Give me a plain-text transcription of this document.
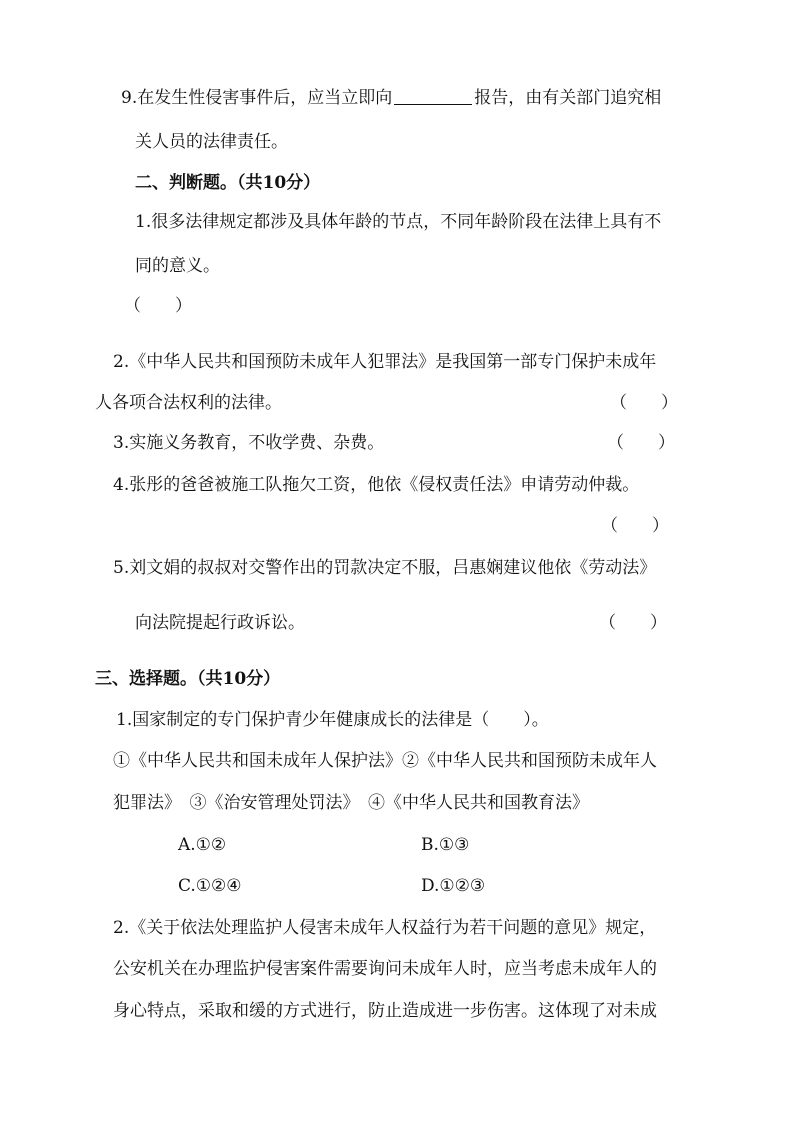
9.在发生性侵害事件后，应当立即向	报告，由有关部门追究相
关人员的法律责任。
二、判断题。（共10分）
1.很多法律规定都涉及具体年龄的节点，不同年龄阶段在法律上具有不
同的意义。
（　　）
2.《中华人民共和国预防未成年人犯罪法》是我国第一部专门保护未成年
人各项合法权利的法律。	（　　）
3.实施义务教育，不收学费、杂费。	（　　）
4.张彤的爸爸被施工队拖欠工资，他依《侵权责任法》申请劳动仲裁。
（　　）
5.刘文娟的叔叔对交警作出的罚款决定不服，吕惠娴建议他依《劳动法》
向法院提起行政诉讼。	（　　）
三、选择题。（共10分）
1.国家制定的专门保护青少年健康成长的法律是（　　）。
①《中华人民共和国未成年人保护法》②《中华人民共和国预防未成年人
犯罪法》　③《治安管理处罚法》　④《中华人民共和国教育法》
A.①②	B.①③
C.①②④	D.①②③
2.《关于依法处理监护人侵害未成年人权益行为若干问题的意见》规定，
公安机关在办理监护侵害案件需要询问未成年人时，应当考虑未成年人的
身心特点，采取和缓的方式进行，防止造成进一步伤害。这体现了对未成
